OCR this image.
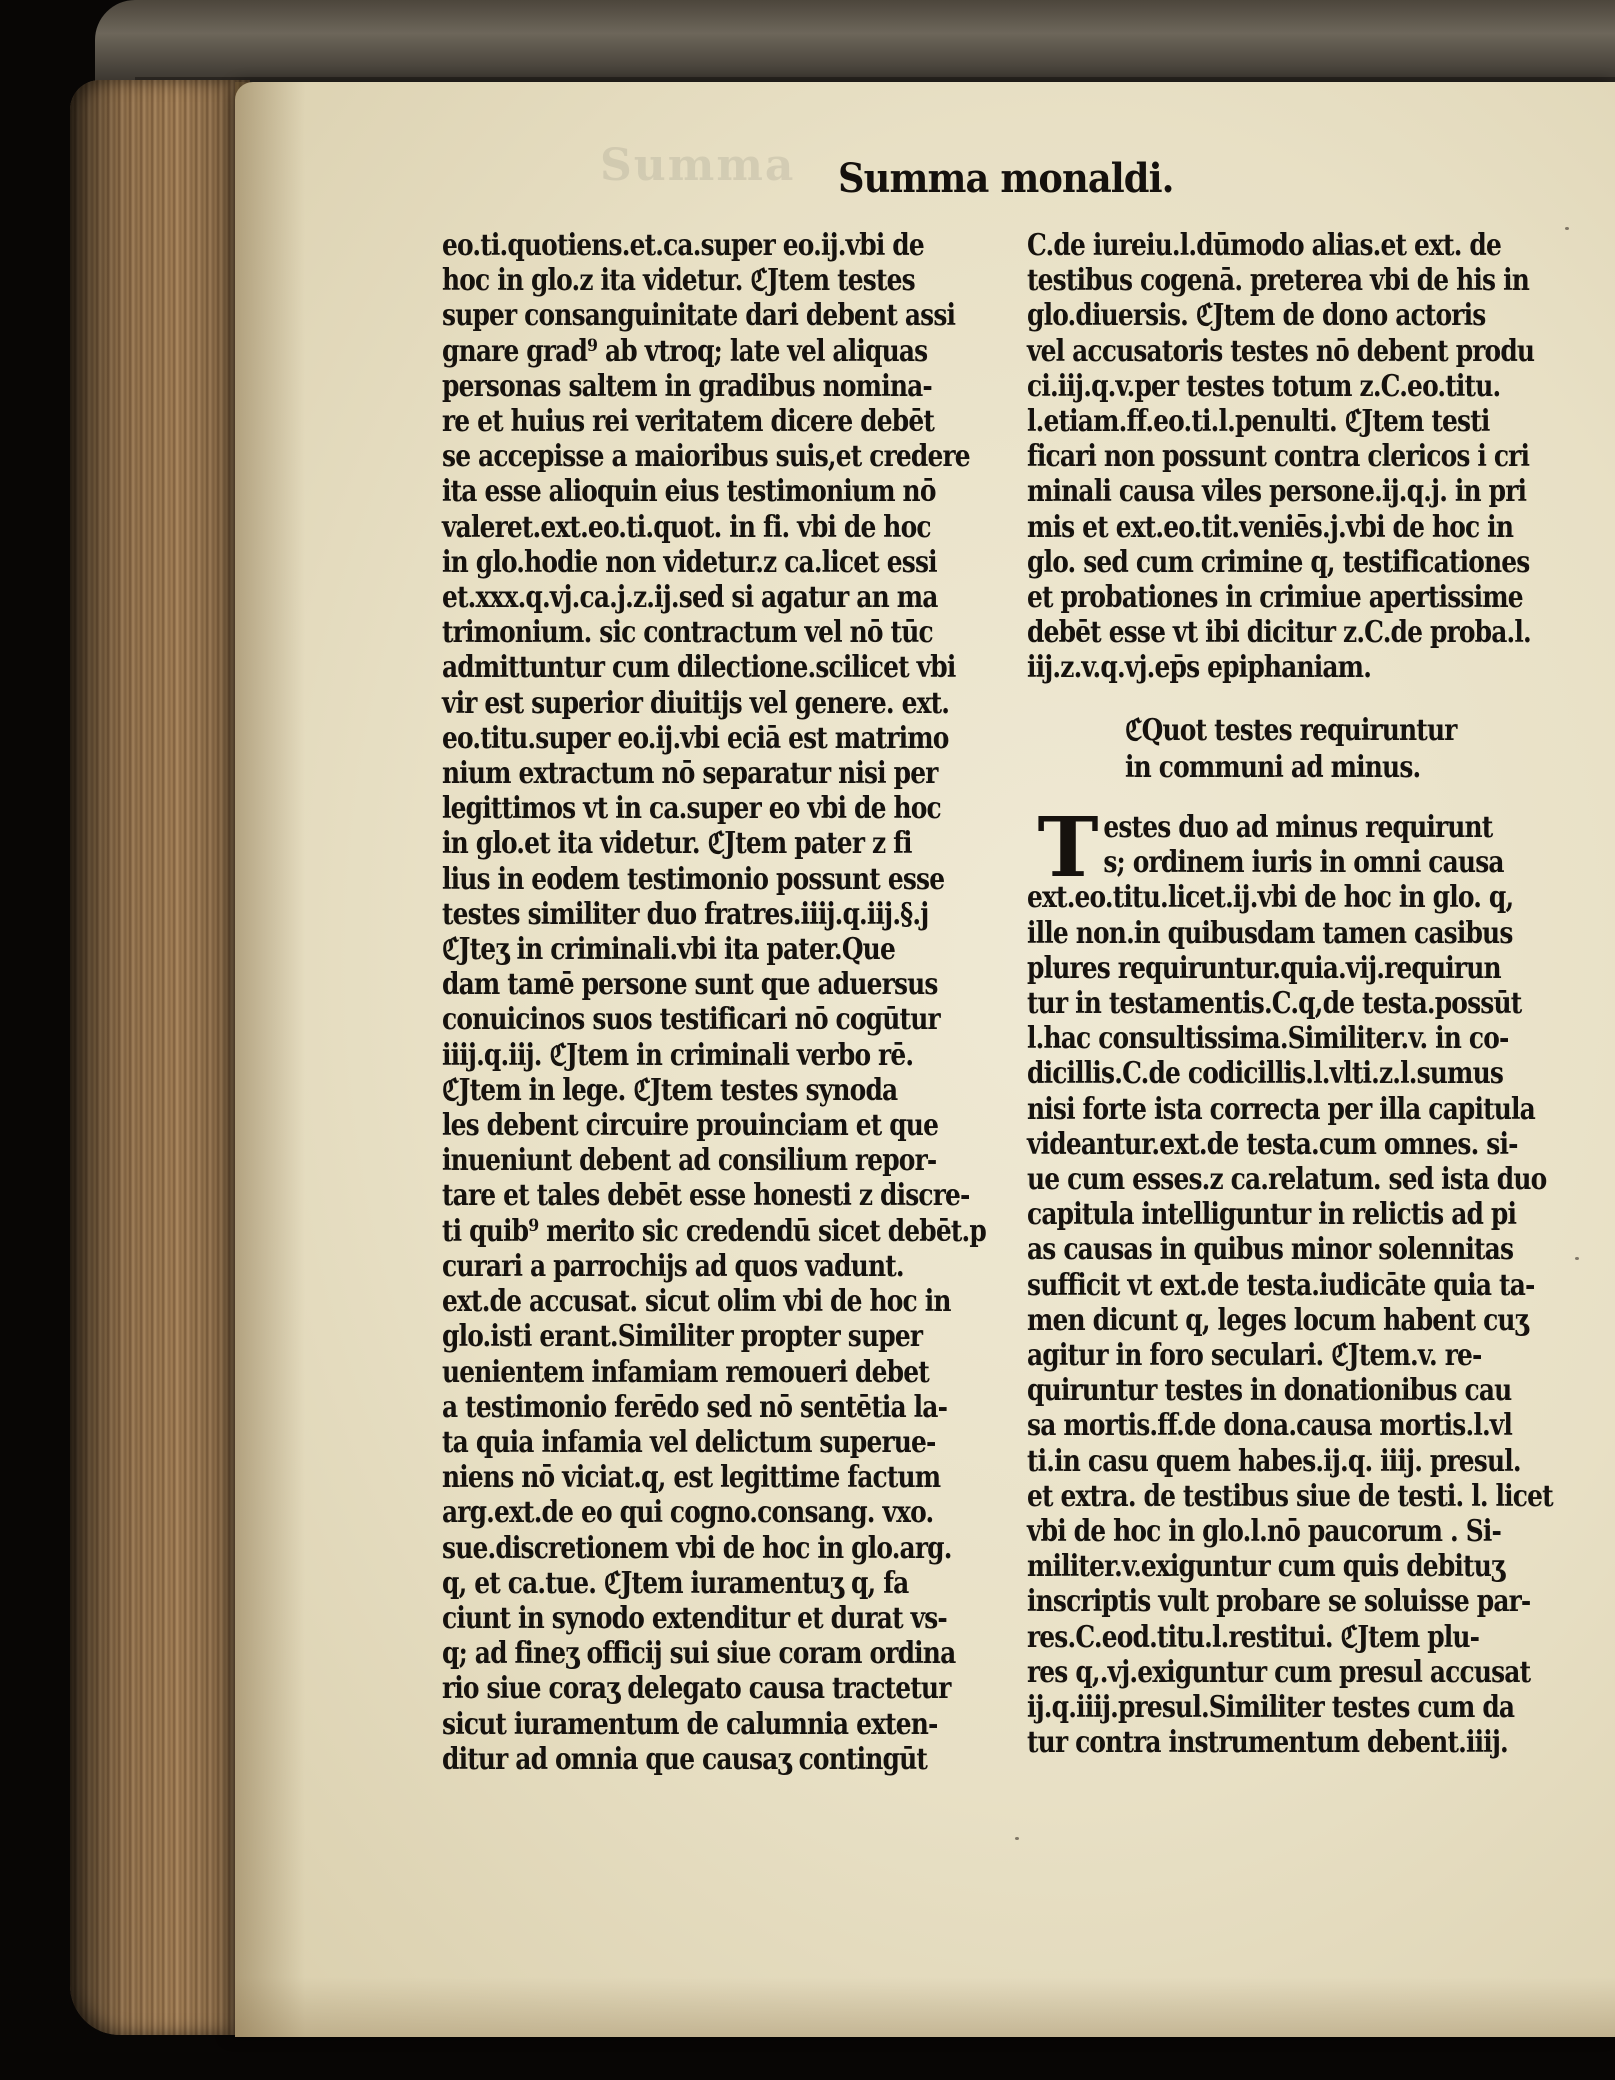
Summa Summa monaldi.
eo.ti.quotiens.et.ca.super eo.ij.vbi de
hoc in glo.z ita videtur. ℭJtem testes
super consanguinitate dari debent assi
gnare grad⁹ ab vtroq; late vel aliquas
personas saltem in gradibus nomina-
re et huius rei veritatem dicere debēt
se accepisse a maioribus suis,et credere
ita esse alioquin eius testimonium nō
valeret.ext.eo.ti.quot. in fi. vbi de hoc
in glo.hodie non videtur.z ca.licet essi
et.xxx.q.vj.ca.j.z.ij.sed si agatur an ma
trimonium. sic contractum vel nō tūc
admittuntur cum dilectione.scilicet vbi
vir est superior diuitijs vel genere. ext.
eo.titu.super eo.ij.vbi eciā est matrimo
nium extractum nō separatur nisi per
legittimos vt in ca.super eo vbi de hoc
in glo.et ita videtur. ℭJtem pater z fi
lius in eodem testimonio possunt esse
testes similiter duo fratres.iiij.q.iij.§.j
ℭJteʒ in criminali.vbi ita pater.Que
dam tamē persone sunt que aduersus
conuicinos suos testificari nō cogūtur
iiij.q.iij. ℭJtem in criminali verbo rē.
ℭJtem in lege. ℭJtem testes synoda
les debent circuire prouinciam et que
inueniunt debent ad consilium repor-
tare et tales debēt esse honesti z discre-
ti quib⁹ merito sic credendū sicet debēt.p
curari a parrochijs ad quos vadunt.
ext.de accusat. sicut olim vbi de hoc in
glo.isti erant.Similiter propter super
uenientem infamiam remoueri debet
a testimonio ferēdo sed nō sentētia la-
ta quia infamia vel delictum superue-
niens nō viciat.q, est legittime factum
arg.ext.de eo qui cogno.consang. vxo.
sue.discretionem vbi de hoc in glo.arg.
q, et ca.tue. ℭJtem iuramentuʒ q, fa
ciunt in synodo extenditur et durat vs-
q; ad fineʒ officij sui siue coram ordina
rio siue coraʒ delegato causa tractetur
sicut iuramentum de calumnia exten-
ditur ad omnia que causaʒ contingūt
C.de iureiu.l.dūmodo alias.et ext. de
testibus cogenā. preterea vbi de his in
glo.diuersis. ℭJtem de dono actoris
vel accusatoris testes nō debent produ
ci.iij.q.v.per testes totum z.C.eo.titu.
l.etiam.ff.eo.ti.l.penulti. ℭJtem testi
ficari non possunt contra clericos i cri
minali causa viles persone.ij.q.j. in pri
mis et ext.eo.tit.veniēs.j.vbi de hoc in
glo. sed cum crimine q, testificationes
et probationes in crimiue apertissime
debēt esse vt ibi dicitur z.C.de proba.l.
iij.z.v.q.vj.ep̄s epiphaniam.
ℭQuot testes requiruntur
in communi ad minus.
T estes duo ad minus requirunt
s; ordinem iuris in omni causa
ext.eo.titu.licet.ij.vbi de hoc in glo. q,
ille non.in quibusdam tamen casibus
plures requiruntur.quia.vij.requirun
tur in testamentis.C.q,de testa.possūt
l.hac consultissima.Similiter.v. in co-
dicillis.C.de codicillis.l.vlti.z.l.sumus
nisi forte ista correcta per illa capitula
videantur.ext.de testa.cum omnes. si-
ue cum esses.z ca.relatum. sed ista duo
capitula intelliguntur in relictis ad pi
as causas in quibus minor solennitas
sufficit vt ext.de testa.iudicāte quia ta-
men dicunt q, leges locum habent cuʒ
agitur in foro seculari. ℭJtem.v. re-
quiruntur testes in donationibus cau
sa mortis.ff.de dona.causa mortis.l.vl
ti.in casu quem habes.ij.q. iiij. presul.
et extra. de testibus siue de testi. l. licet
vbi de hoc in glo.l.nō paucorum . Si-
militer.v.exiguntur cum quis debituʒ
inscriptis vult probare se soluisse par-
res.C.eod.titu.l.restitui. ℭJtem plu-
res q,.vj.exiguntur cum presul accusat
ij.q.iiij.presul.Similiter testes cum da
tur contra instrumentum debent.iiij.
